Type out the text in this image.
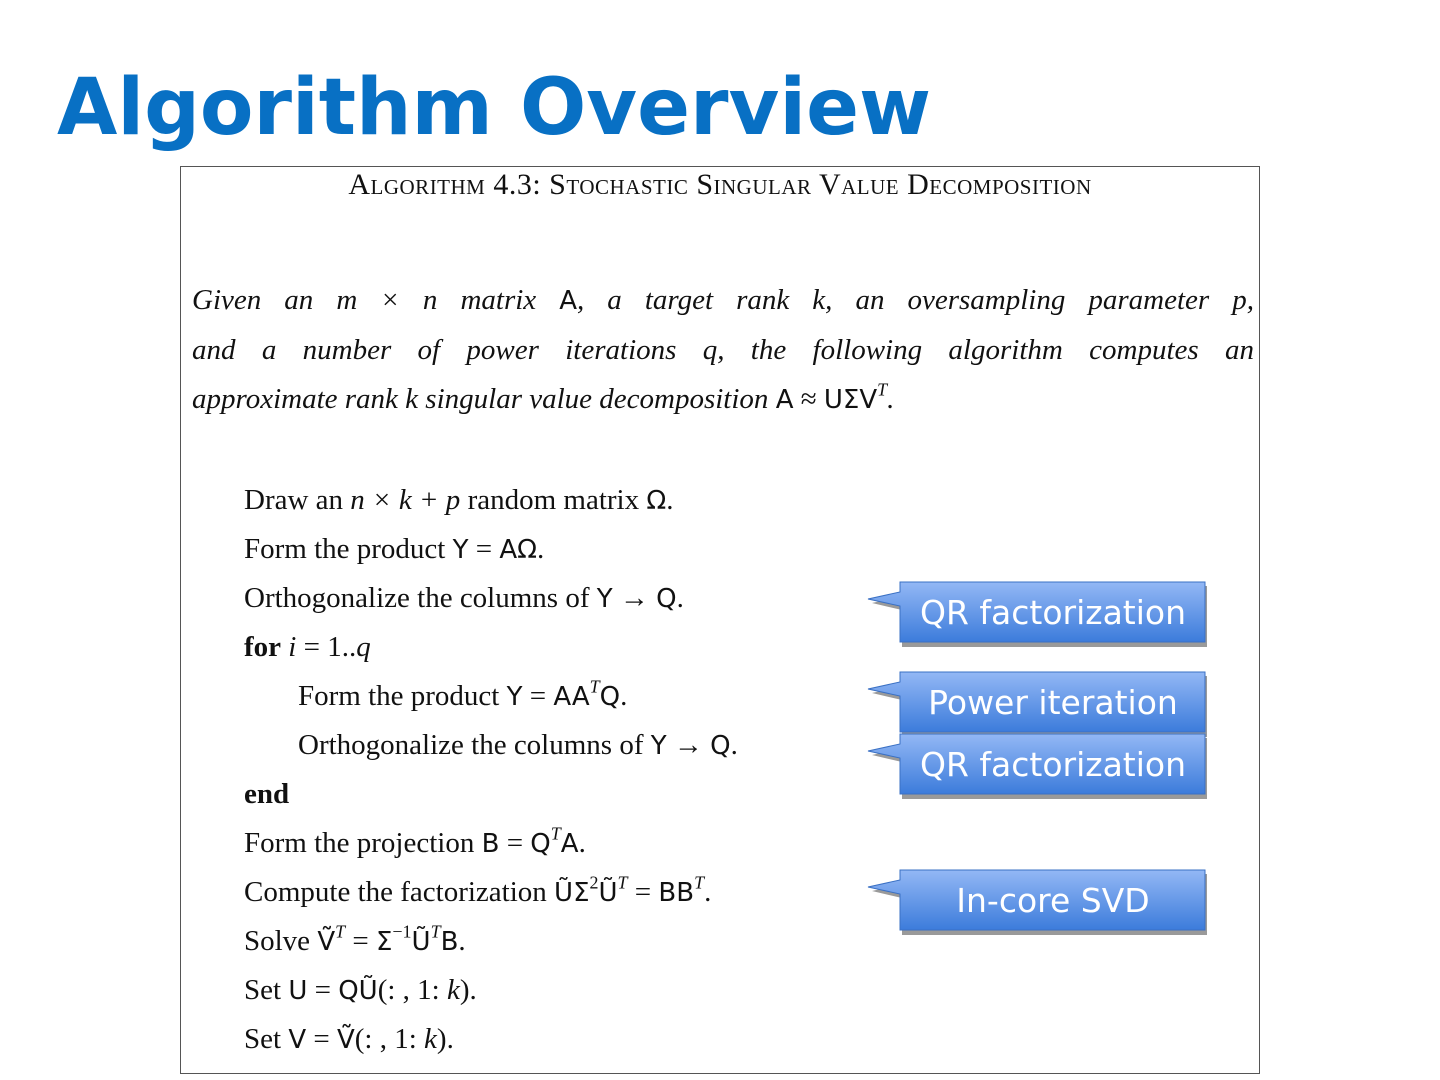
Algorithm Overview
Algorithm 4.3: Stochastic Singular Value Decomposition

Given an m × n matrix A, a target rank k, an oversampling parameter p,

and a number of power iterations q, the following algorithm computes an

approximate rank k singular value decomposition $A \approx U\Sigma V^T$.

Draw an n × k + p random matrix Ω.
Form the product Y = AΩ.
Orthogonalize the columns of Y → Q.
for i = 1..q
Form the product $Y = AA^TQ$.
Orthogonalize the columns of Y → Q.
end
Form the projection $B = Q^TA$.
Compute the factorization $Ũ\Sigma^2Ũ^T = BB^T$.
Solve Ṽ$^T$ = $\Sigma^{-1}Ũ^TB$.
Set U = QŨ(: , 1: k).
Set V = Ṽ(: , 1: k).
QR factorization
Power iteration
QR factorization
In-core SVD
